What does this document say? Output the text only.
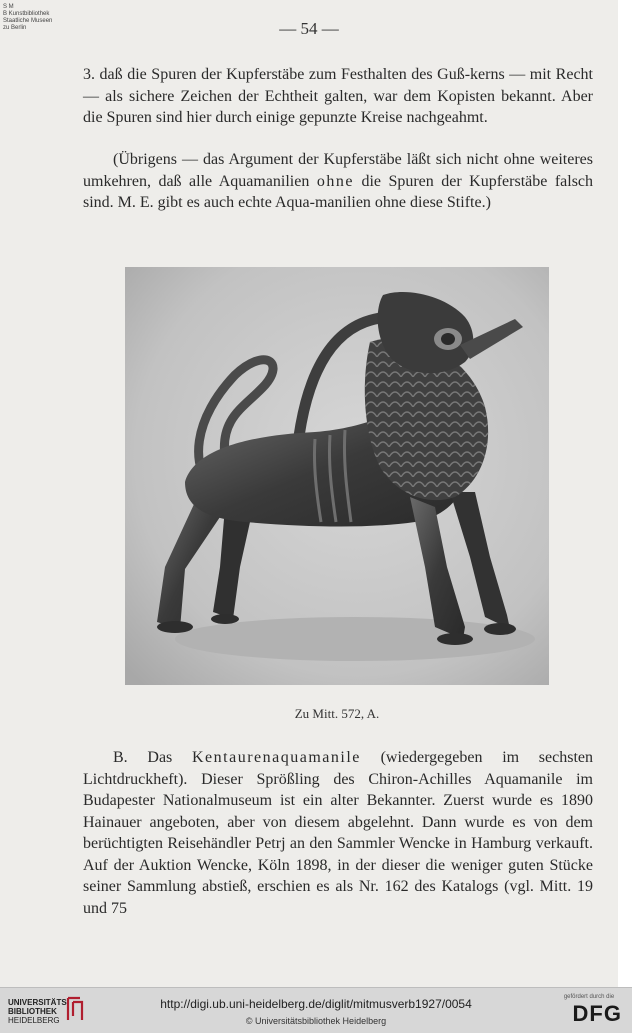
S M
B Kunstbibliothek
Staatliche Museen
zu Berlin	— 54 —

3. daß die Spuren der Kupferstäbe zum Festhalten des Guß-kerns — mit Recht — als sichere Zeichen der Echtheit galten, war dem Kopisten bekannt. Aber die Spuren sind hier durch einige gepunzte Kreise nachgeahmt.

(Übrigens — das Argument der Kupferstäbe läßt sich nicht ohne weiteres umkehren, daß alle Aquamanilien ohne die Spuren der Kupferstäbe falsch sind. M. E. gibt es auch echte Aqua-manilien ohne diese Stifte.)

Zu Mitt. 572, A.

B. Das Kentaurenaquamanile (wiedergegeben im sechsten Lichtdruckheft). Dieser Sprößling des Chiron-Achilles Aquamanile im Budapester Nationalmuseum ist ein alter Bekannter. Zuerst wurde es 1890 Hainauer angeboten, aber von diesem abgelehnt. Dann wurde es von dem berüchtigten Reisehändler Petrj an den Sammler Wencke in Hamburg verkauft. Auf der Auktion Wencke, Köln 1898, in der dieser die weniger guten Stücke seiner Sammlung abstieß, erschien es als Nr. 162 des Katalogs (vgl. Mitt. 19 und 75

UNIVERSITÄTS-
BIBLIOTHEK
HEIDELBERG
http://digi.ub.uni-heidelberg.de/diglit/mitmusverb1927/0054
© Universitätsbibliothek Heidelberg
gefördert durch die
DFG
